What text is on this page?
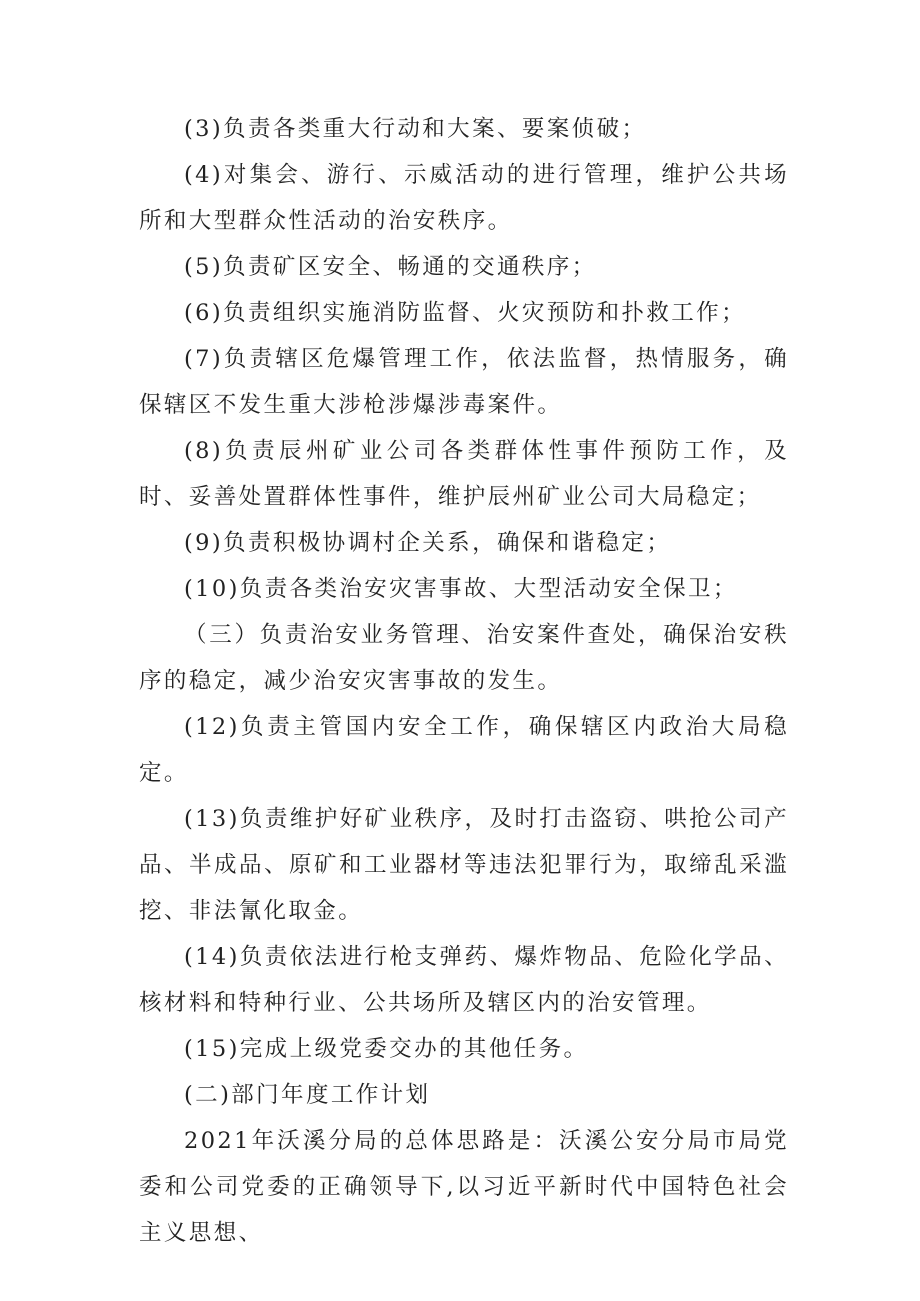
(3)负责各类重大行动和大案、要案侦破；

(4)对集会、游行、示威活动的进行管理，维护公共场所和大型群众性活动的治安秩序。

(5)负责矿区安全、畅通的交通秩序；

(6)负责组织实施消防监督、火灾预防和扑救工作；

(7)负责辖区危爆管理工作，依法监督，热情服务，确保辖区不发生重大涉枪涉爆涉毒案件。

(8)负责辰州矿业公司各类群体性事件预防工作，及时、妥善处置群体性事件，维护辰州矿业公司大局稳定；

(9)负责积极协调村企关系，确保和谐稳定；

(10)负责各类治安灾害事故、大型活动安全保卫；

（三）负责治安业务管理、治安案件查处，确保治安秩序的稳定，减少治安灾害事故的发生。

(12)负责主管国内安全工作，确保辖区内政治大局稳定。

(13)负责维护好矿业秩序，及时打击盗窃、哄抢公司产品、半成品、原矿和工业器材等违法犯罪行为，取缔乱采滥挖、非法氰化取金。

(14)负责依法进行枪支弹药、爆炸物品、危险化学品、核材料和特种行业、公共场所及辖区内的治安管理。

(15)完成上级党委交办的其他任务。

(二)部门年度工作计划

2021年沃溪分局的总体思路是：沃溪公安分局市局党委和公司党委的正确领导下,以习近平新时代中国特色社会主义思想、
